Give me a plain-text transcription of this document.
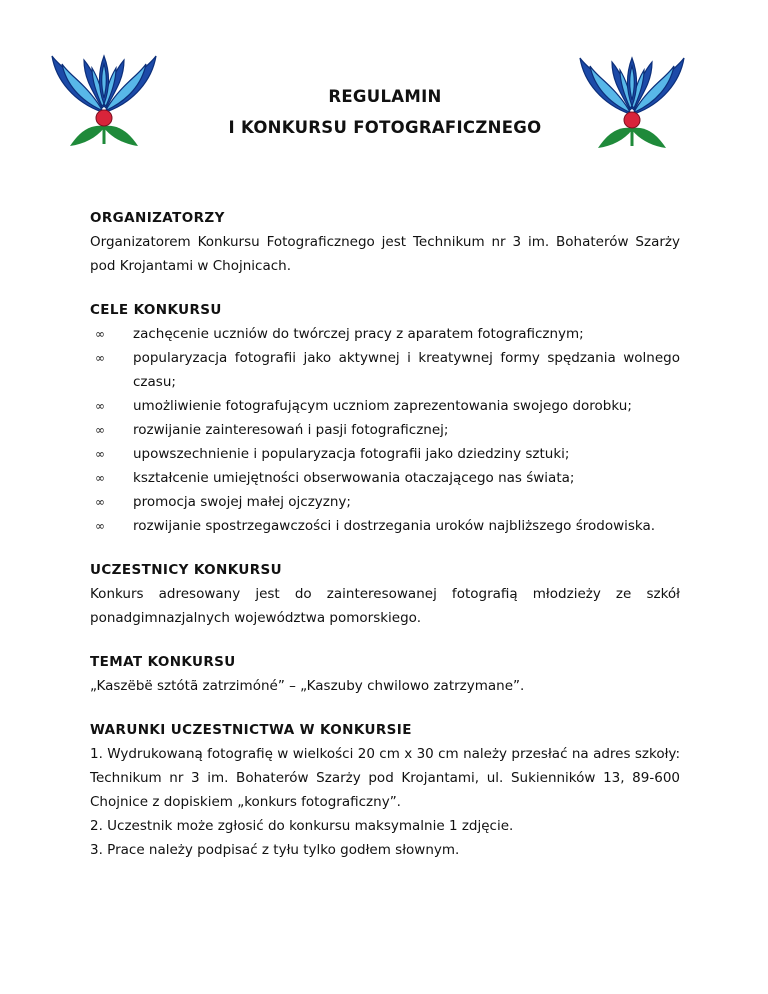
REGULAMIN
I KONKURSU FOTOGRAFICZNEGO
ORGANIZATORZY
Organizatorem Konkursu Fotograficznego jest Technikum nr 3 im. Bohaterów Szarży pod Krojantami w Chojnicach.
CELE KONKURSU
∞ zachęcenie uczniów do twórczej pracy z aparatem fotograficznym;
∞ popularyzacja fotografii jako aktywnej i kreatywnej formy spędzania wolnego czasu;
∞ umożliwienie fotografującym uczniom zaprezentowania swojego dorobku;
∞ rozwijanie zainteresowań i pasji fotograficznej;
∞ upowszechnienie i popularyzacja fotografii jako dziedziny sztuki;
∞ kształcenie umiejętności obserwowania otaczającego nas świata;
∞ promocja swojej małej ojczyzny;
∞ rozwijanie spostrzegawczości i dostrzegania uroków najbliższego środowiska.
UCZESTNICY KONKURSU
Konkurs adresowany jest do zainteresowanej fotografią młodzieży ze szkół ponadgimnazjalnych województwa pomorskiego.
TEMAT KONKURSU
„Kaszëbë sztótã zatrzimóné” – „Kaszuby chwilowo zatrzymane”.
WARUNKI UCZESTNICTWA W KONKURSIE
1. Wydrukowaną fotografię w wielkości 20 cm x 30 cm należy przesłać na adres szkoły: Technikum nr 3 im. Bohaterów Szarży pod Krojantami, ul. Sukienników 13, 89-600 Chojnice z dopiskiem „konkurs fotograficzny”.
2. Uczestnik może zgłosić do konkursu maksymalnie 1 zdjęcie.
3. Prace należy podpisać z tyłu tylko godłem słownym.
